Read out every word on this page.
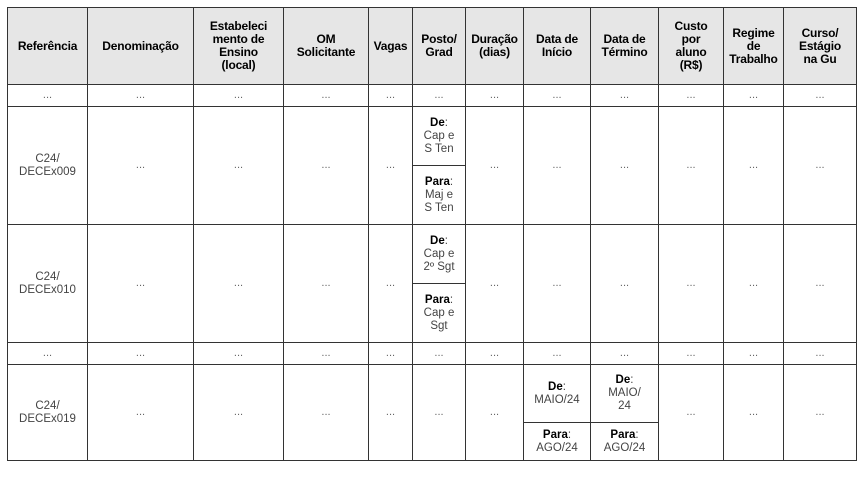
Referência	Denominação	Estabeleci
mento de
Ensino
(local)	OM
Solicitante	Vagas	Posto/
Grad	Duração
(dias)	Data de
Início	Data de
Término	Custo
por
aluno
(R$)	Regime
de
Trabalho	Curso/
Estágio
na Gu
...	...	...	...	...	...	...	...	...	...	...	...
C24/
DECEx009	...	...	...	...	De:
Cap e
S Ten	...	...	...	...	...	...

					Para:
Maj e
S Ten						

C24/
DECEx010	...	...	...	...	De:
Cap e
2º Sgt	...	...	...	...	...	...

					Para:
Cap e
Sgt						

...	...	...	...	...	...	...	...	...	...	...	...
C24/
DECEx019	...	...	...	...	...	...	De:
MAIO/24	De:
MAIO/
24	...	...	...

							Para:
AGO/24	Para:
AGO/24			
